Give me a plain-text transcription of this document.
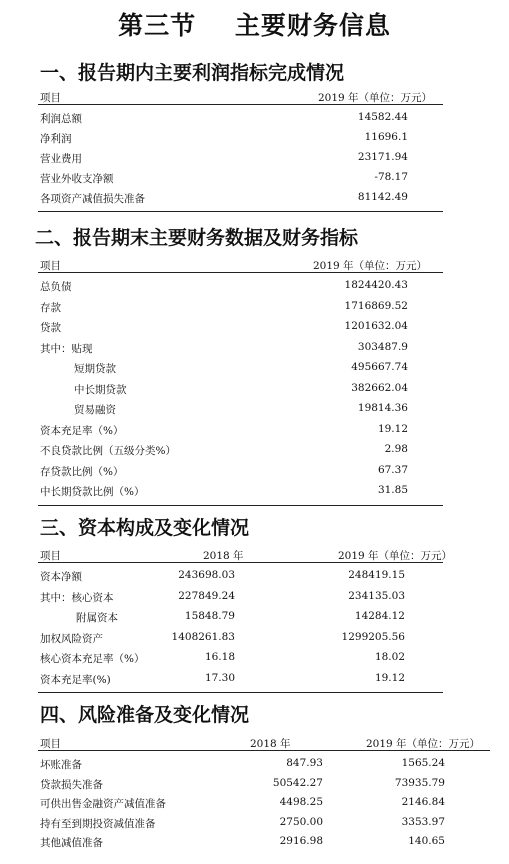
第三节    主要财务信息
一、报告期内主要利润指标完成情况
项目	2019 年（单位：万元）
利润总额	14582.44
净利润	11696.1
营业费用	23171.94
营业外收支净额	-78.17
各项资产减值损失准备	81142.49
二、报告期末主要财务数据及财务指标
项目	2019 年（单位：万元）
总负债	1824420.43
存款	1716869.52
贷款	1201632.04
其中：贴现	303487.9
短期贷款	495667.74
中长期贷款	382662.04
贸易融资	19814.36
资本充足率（%）	19.12
不良贷款比例（五级分类%）	2.98
存贷款比例（%）	67.37
中长期贷款比例（%）	31.85
三、资本构成及变化情况
项目	2018 年	2019 年（单位：万元）
资本净额	243698.03	248419.15
其中：核心资本	227849.24	234135.03
附属资本	15848.79	14284.12
加权风险资产	1408261.83	1299205.56
核心资本充足率（%）	16.18	18.02
资本充足率(%)	17.30	19.12
四、风险准备及变化情况
项目	2018 年	2019 年（单位：万元）
坏账准备	847.93	1565.24
贷款损失准备	50542.27	73935.79
可供出售金融资产减值准备	4498.25	2146.84
持有至到期投资减值准备	2750.00	3353.97
其他减值准备	2916.98	140.65
